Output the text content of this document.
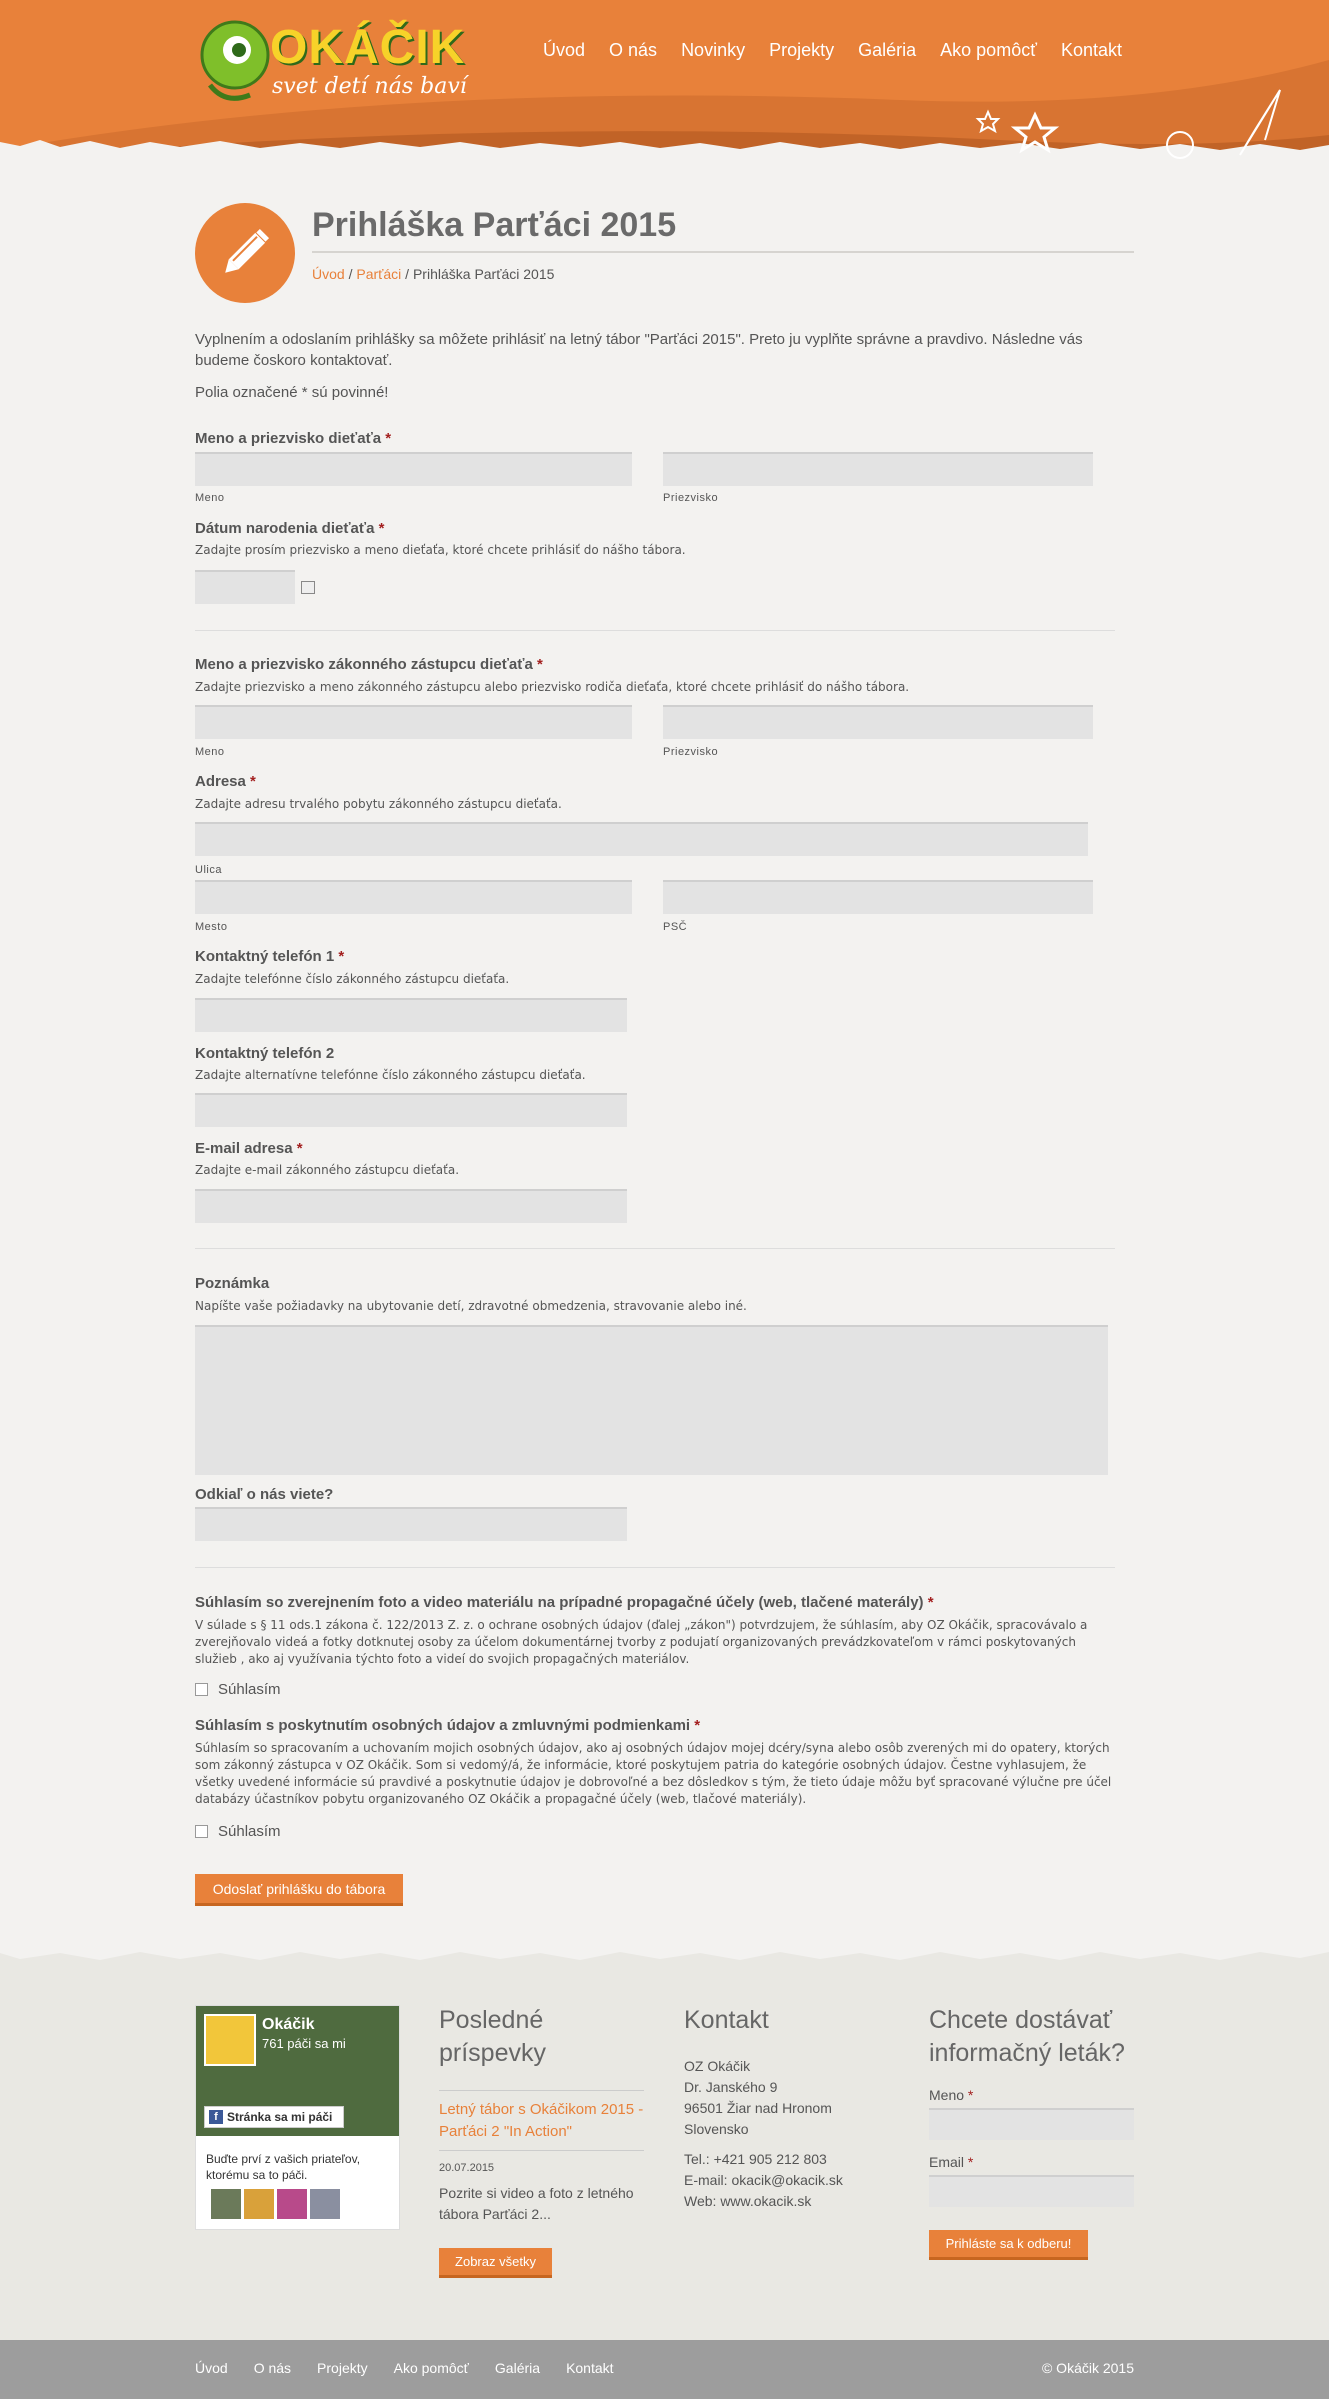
OKÁČIK
svet detí nás baví
Úvod O nás Novinky Projekty Galéria Ako pomôcť Kontakt
Prihláška Parťáci 2015
Úvod / Parťáci / Prihláška Parťáci 2015

Vyplnením a odoslaním prihlášky sa môžete prihlásiť na letný tábor "Parťáci 2015". Preto ju vyplňte správne a pravdivo. Následne vás budeme čoskoro kontaktovať.

Polia označené * sú povinné!

Meno a priezvisko dieťaťa *
Meno	Priezvisko
Dátum narodenia dieťaťa *
Zadajte prosím priezvisko a meno dieťaťa, ktoré chcete prihlásiť do nášho tábora.
Meno a priezvisko zákonného zástupcu dieťaťa *
Zadajte priezvisko a meno zákonného zástupcu alebo priezvisko rodiča dieťaťa, ktoré chcete prihlásiť do nášho tábora.
Meno	Priezvisko
Adresa *
Zadajte adresu trvalého pobytu zákonného zástupcu dieťaťa.
Ulica
Mesto	PSČ
Kontaktný telefón 1 *
Zadajte telefónne číslo zákonného zástupcu dieťaťa.
Kontaktný telefón 2
Zadajte alternatívne telefónne číslo zákonného zástupcu dieťaťa.
E-mail adresa *
Zadajte e-mail zákonného zástupcu dieťaťa.
Poznámka
Napíšte vaše požiadavky na ubytovanie detí, zdravotné obmedzenia, stravovanie alebo iné.
Odkiaľ o nás viete?
Súhlasím so zverejnením foto a video materiálu na prípadné propagačné účely (web, tlačené materály) *
V súlade s § 11 ods.1 zákona č. 122/2013 Z. z. o ochrane osobných údajov (ďalej „zákon") potvrdzujem, že súhlasím, aby OZ Okáčik, spracovávalo a zverejňovalo videá a fotky dotknutej osoby za účelom dokumentárnej tvorby z podujatí organizovaných prevádzkovateľom v rámci poskytovaných služieb , ako aj využívania týchto foto a videí do svojich propagačných materiálov.
Súhlasím
Súhlasím s poskytnutím osobných údajov a zmluvnými podmienkami *
Súhlasím so spracovaním a uchovaním mojich osobných údajov, ako aj osobných údajov mojej dcéry/syna alebo osôb zverených mi do opatery, ktorých som zákonný zástupca v OZ Okáčik. Som si vedomý/á, že informácie, ktoré poskytujem patria do kategórie osobných údajov. Čestne vyhlasujem, že všetky uvedené informácie sú pravdivé a poskytnutie údajov je dobrovoľné a bez dôsledkov s tým, že tieto údaje môžu byť spracované výlučne pre účel databázy účastníkov pobytu organizovaného OZ Okáčik a propagačné účely (web, tlačové materiály).
Súhlasím
Odoslať prihlášku do tábora
Okáčik
761 páči sa mi
f Stránka sa mi páči
Buďte prví z vašich priateľov, ktorému sa to páči.
Posledné príspevky
Letný tábor s Okáčikom 2015 - Parťáci 2 "In Action"
20.07.2015
Pozrite si video a foto z letného tábora Parťáci 2...
Zobraz všetky
Kontakt
OZ Okáčik
Dr. Janského 9
96501 Žiar nad Hronom
Slovensko
Tel.: +421 905 212 803
E-mail: okacik@okacik.sk
Web: www.okacik.sk
Chcete dostávať informačný leták?
Meno *
Email *
Prihláste sa k odberu!
Úvod O nás Projekty Ako pomôcť Galéria Kontakt	© Okáčik 2015
